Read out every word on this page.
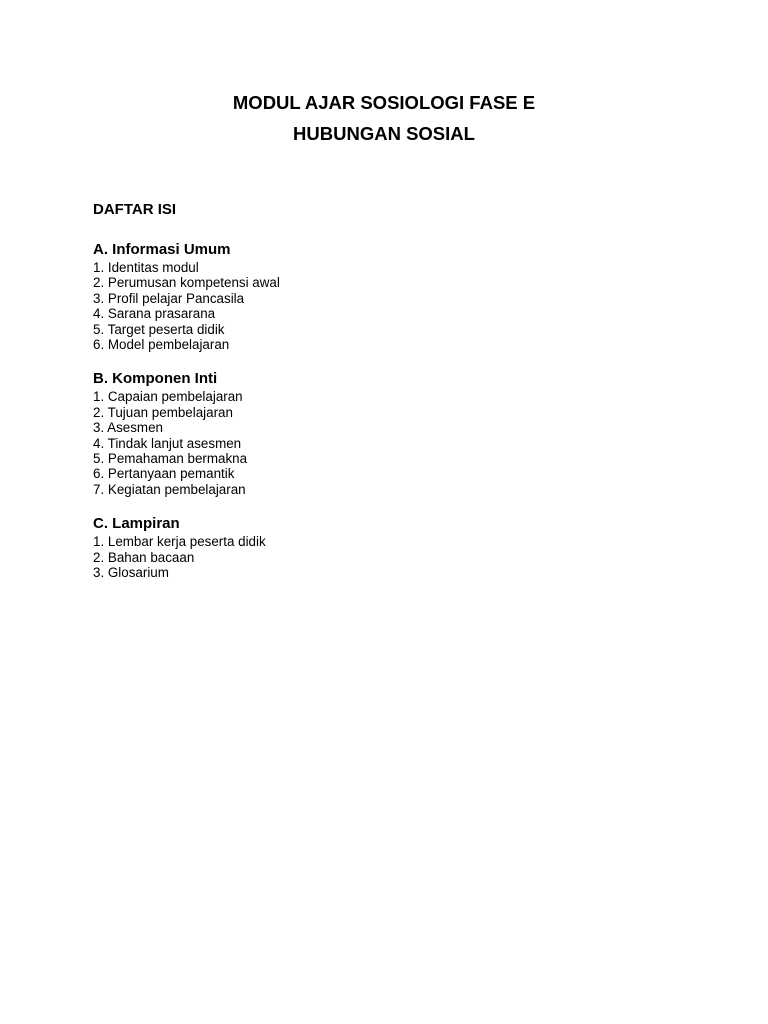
MODUL AJAR SOSIOLOGI FASE E

HUBUNGAN SOSIAL

DAFTAR ISI

A. Informasi Umum

1. Identitas modul
2. Perumusan kompetensi awal
3. Profil pelajar Pancasila
4. Sarana prasarana
5. Target peserta didik
6. Model pembelajaran

B. Komponen Inti

1. Capaian pembelajaran
2. Tujuan pembelajaran
3. Asesmen
4. Tindak lanjut asesmen
5. Pemahaman bermakna
6. Pertanyaan pemantik
7. Kegiatan pembelajaran

C. Lampiran

1. Lembar kerja peserta didik
2. Bahan bacaan
3. Glosarium
